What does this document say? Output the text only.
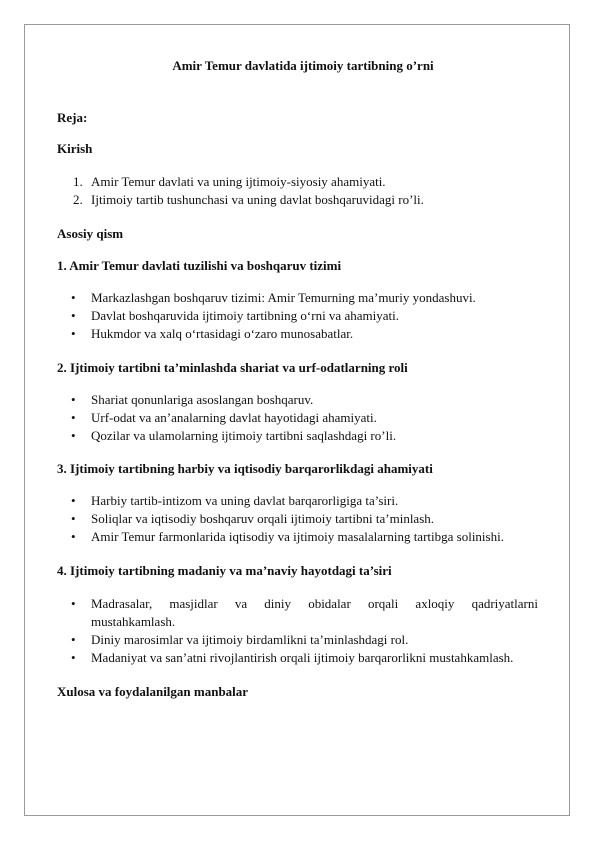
Amir Temur davlatida ijtimoiy tartibning o’rni
Reja:
Kirish
1. Amir Temur davlati va uning ijtimoiy-siyosiy ahamiyati.
2. Ijtimoiy tartib tushunchasi va uning davlat boshqaruvidagi ro’li.
Asosiy qism
1. Amir Temur davlati tuzilishi va boshqaruv tizimi
• Markazlashgan boshqaruv tizimi: Amir Temurning ma’muriy yondashuvi.
• Davlat boshqaruvida ijtimoiy tartibning o‘rni va ahamiyati.
• Hukmdor va xalq o‘rtasidagi o‘zaro munosabatlar.
2. Ijtimoiy tartibni ta’minlashda shariat va urf-odatlarning roli
• Shariat qonunlariga asoslangan boshqaruv.
• Urf-odat va an’analarning davlat hayotidagi ahamiyati.
• Qozilar va ulamolarning ijtimoiy tartibni saqlashdagi ro’li.
3. Ijtimoiy tartibning harbiy va iqtisodiy barqarorlikdagi ahamiyati
• Harbiy tartib-intizom va uning davlat barqarorligiga ta’siri.
• Soliqlar va iqtisodiy boshqaruv orqali ijtimoiy tartibni ta’minlash.
• Amir Temur farmonlarida iqtisodiy va ijtimoiy masalalarning tartibga solinishi.
4. Ijtimoiy tartibning madaniy va ma’naviy hayotdagi ta’siri
• Madrasalar, masjidlar va diniy obidalar orqali axloqiy qadriyatlarni
mustahkamlash.
• Diniy marosimlar va ijtimoiy birdamlikni ta’minlashdagi rol.
• Madaniyat va san’atni rivojlantirish orqali ijtimoiy barqarorlikni mustahkamlash.
Xulosa va foydalanilgan manbalar
